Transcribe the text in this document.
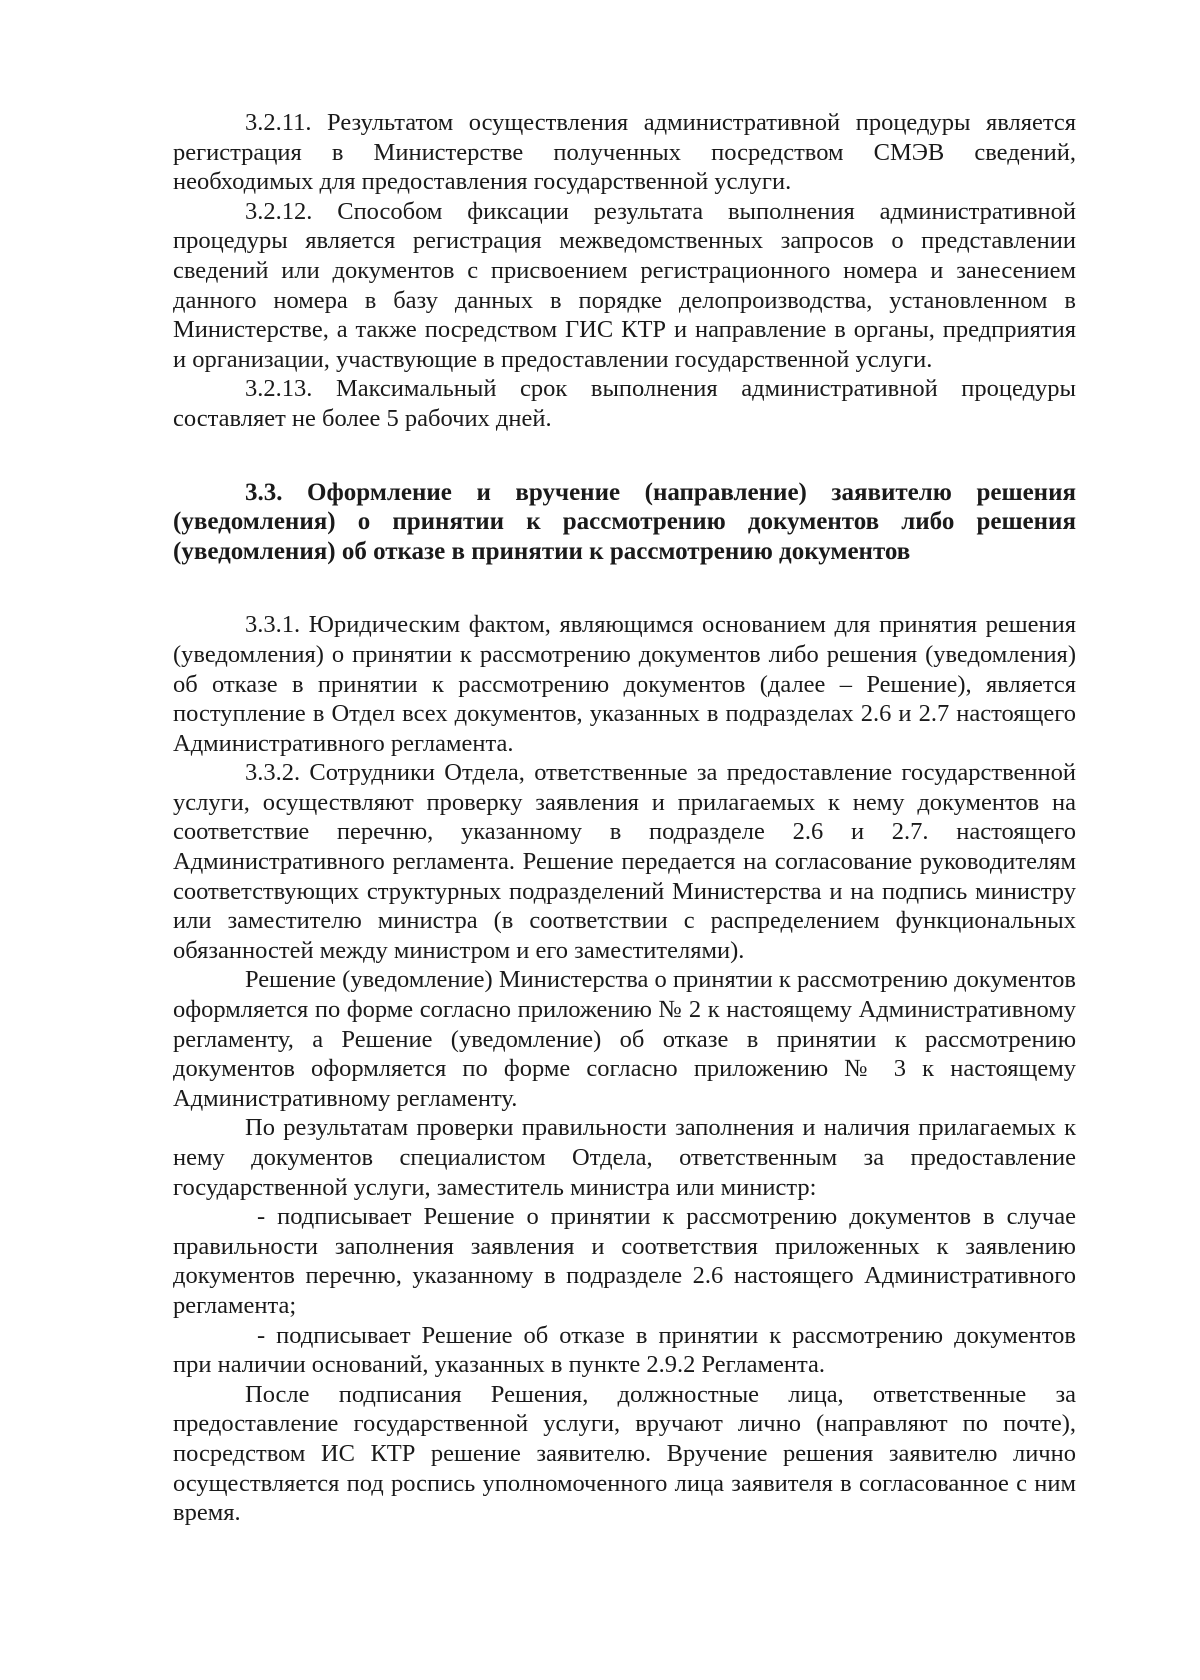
3.2.11. Результатом осуществления административной процедуры является регистрация в Министерстве полученных посредством СМЭВ сведений, необходимых для предоставления государственной услуги.

3.2.12. Способом фиксации результата выполнения административной процедуры является регистрация межведомственных запросов о представлении сведений или документов с присвоением регистрационного номера и занесением данного номера в базу данных в порядке делопроизводства, установленном в Министерстве, а также посредством ГИС КТР и направление в органы, предприятия и организации, участвующие в предоставлении государственной услуги.

3.2.13. Максимальный срок выполнения административной процедуры составляет не более 5 рабочих дней.

3.3. Оформление и вручение (направление) заявителю решения (уведомления) о принятии к рассмотрению документов либо решения (уведомления) об отказе в принятии к рассмотрению документов

3.3.1. Юридическим фактом, являющимся основанием для принятия решения (уведомления) о принятии к рассмотрению документов либо решения (уведомления) об отказе в принятии к рассмотрению документов (далее – Решение), является поступление в Отдел всех документов, указанных в подразделах 2.6 и 2.7 настоящего Административного регламента.

3.3.2. Сотрудники Отдела, ответственные за предоставление государственной услуги, осуществляют проверку заявления и прилагаемых к нему документов на соответствие перечню, указанному в подразделе 2.6 и 2.7. настоящего Административного регламента. Решение передается на согласование руководителям соответствующих структурных подразделений Министерства и на подпись министру или заместителю министра (в соответствии с распределением функциональных обязанностей между министром и его заместителями).

Решение (уведомление) Министерства о принятии к рассмотрению документов оформляется по форме согласно приложению № 2 к настоящему Административному регламенту, а Решение (уведомление) об отказе в принятии к рассмотрению документов оформляется по форме согласно приложению № 3 к настоящему Административному регламенту.

По результатам проверки правильности заполнения и наличия прилагаемых к нему документов специалистом Отдела, ответственным за предоставление государственной услуги, заместитель министра или министр:

- подписывает Решение о принятии к рассмотрению документов в случае правильности заполнения заявления и соответствия приложенных к заявлению документов перечню, указанному в подразделе 2.6 настоящего Административного регламента;

- подписывает Решение об отказе в принятии к рассмотрению документов при наличии оснований, указанных в пункте 2.9.2 Регламента.

После подписания Решения, должностные лица, ответственные за предоставление государственной услуги, вручают лично (направляют по почте), посредством ИС КТР решение заявителю. Вручение решения заявителю лично осуществляется под роспись уполномоченного лица заявителя в согласованное с ним время.
